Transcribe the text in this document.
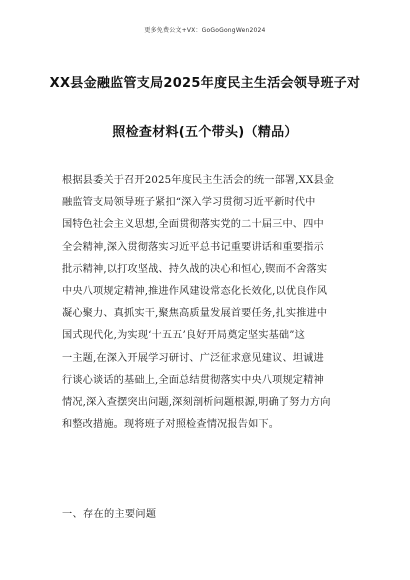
更多免费公文+VX：GoGoGongWen2024
XX县金融监管支局2025年度民主生活会领导班子对
照检查材料(五个带头)（精品）
根据县委关于召开2025年度民主生活会的统一部署,XX县金
融监管支局领导班子紧扣“深入学习贯彻习近平新时代中
国特色社会主义思想,全面贯彻落实党的二十届三中、四中
全会精神,深入贯彻落实习近平总书记重要讲话和重要指示
批示精神,以打攻坚战、持久战的决心和恒心,锲而不舍落实
中央八项规定精神,推进作风建设常态化长效化,以优良作风
凝心聚力、真抓实干,聚焦高质量发展首要任务,扎实推进中
国式现代化,为实现‘十五五’良好开局奠定坚实基础”这
一主题,在深入开展学习研讨、广泛征求意见建议、坦诚进
行谈心谈话的基础上,全面总结贯彻落实中央八项规定精神
情况,深入查摆突出问题,深刻剖析问题根源,明确了努力方向
和整改措施。现将班子对照检查情况报告如下。
一、存在的主要问题
